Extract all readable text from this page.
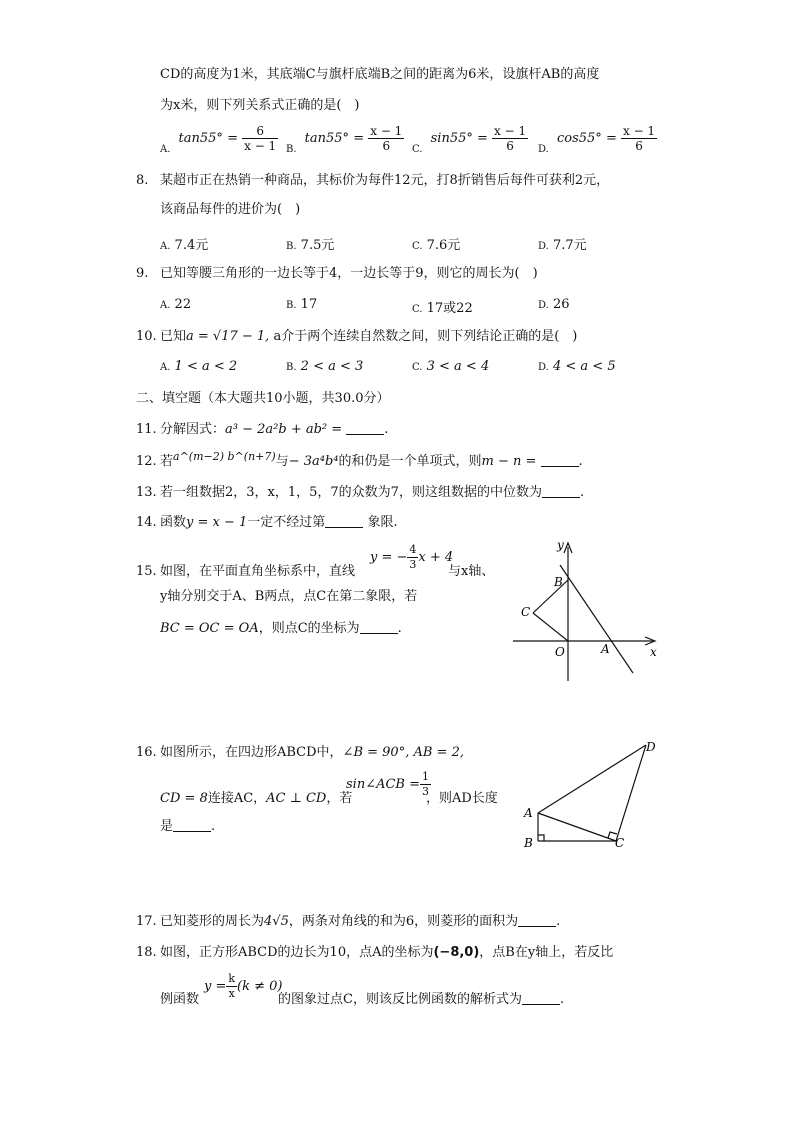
CD的高度为1米，其底端C与旗杆底端B之间的距离为6米，设旗杆AB的高度
为x米，则下列关系式正确的是(　)
$_{A.}$ $\tan 55^\circ = \frac{6}{x - 1} _{B.}$ $\tan 55^\circ = \frac{x - 1}{6} _{C.}$ $\sin 55^\circ = \frac{x - 1}{6} _{D.}$ $\cos 55^\circ = \frac{x - 1}{6}$
8. 某超市正在热销一种商品，其标价为每件12元，打8折销售后每件可获利2元，
该商品每件的进价为(　)
A. 7.4元	B. 7.5元	C. 7.6元	D. 7.7元
9. 已知等腰三角形的一边长等于4，一边长等于9，则它的周长为(　)
A. 22	B. 17	C. 17或22	D. 26
10. 已知a = √17 − 1, a介于两个连续自然数之间，则下列结论正确的是(　)
A. 1 < a < 2	B. 2 < a < 3	C. 3 < a < 4	D. 4 < a < 5
二、填空题（本大题共10小题，共30.0分）
11. 分解因式：a³ − 2a²b + ab² =	.
12. 若$^{a\^{}(m-2) b\^{}(n+7)}$与− 3a⁴b⁴的和仍是一个单项式，则m − n =	.
13. 若一组数据2，3，x，1，5，7的众数为7，则这组数据的中位数为	.
14. 函数y = x − 1一定不经过第	象限.
15. 如图，在平面直角坐标系中，直线
y = − $\frac{4}{3}$ x + 4
与x轴、
y轴分别交于A、B两点，点C在第二象限，若
BC = OC = OA，则点C的坐标为	.
y
x
B
C
O	A
16. 如图所示，在四边形ABCD中，∠B = 90°, AB = 2,
CD = 8连接AC，AC ⊥ CD，若
sin∠ACB = $\frac{1}{3}$
，则AD长度
是	.
A
B	C
D
17. 已知菱形的周长为4√5，两条对角线的和为6，则菱形的面积为	.
18. 如图，正方形ABCD的边长为10，点A的坐标为(−8,0)，点B在y轴上，若反比
例函数
$y = \frac{k}{x} (k \ne 0)$
的图象过点C，则该反比例函数的解析式为	.
